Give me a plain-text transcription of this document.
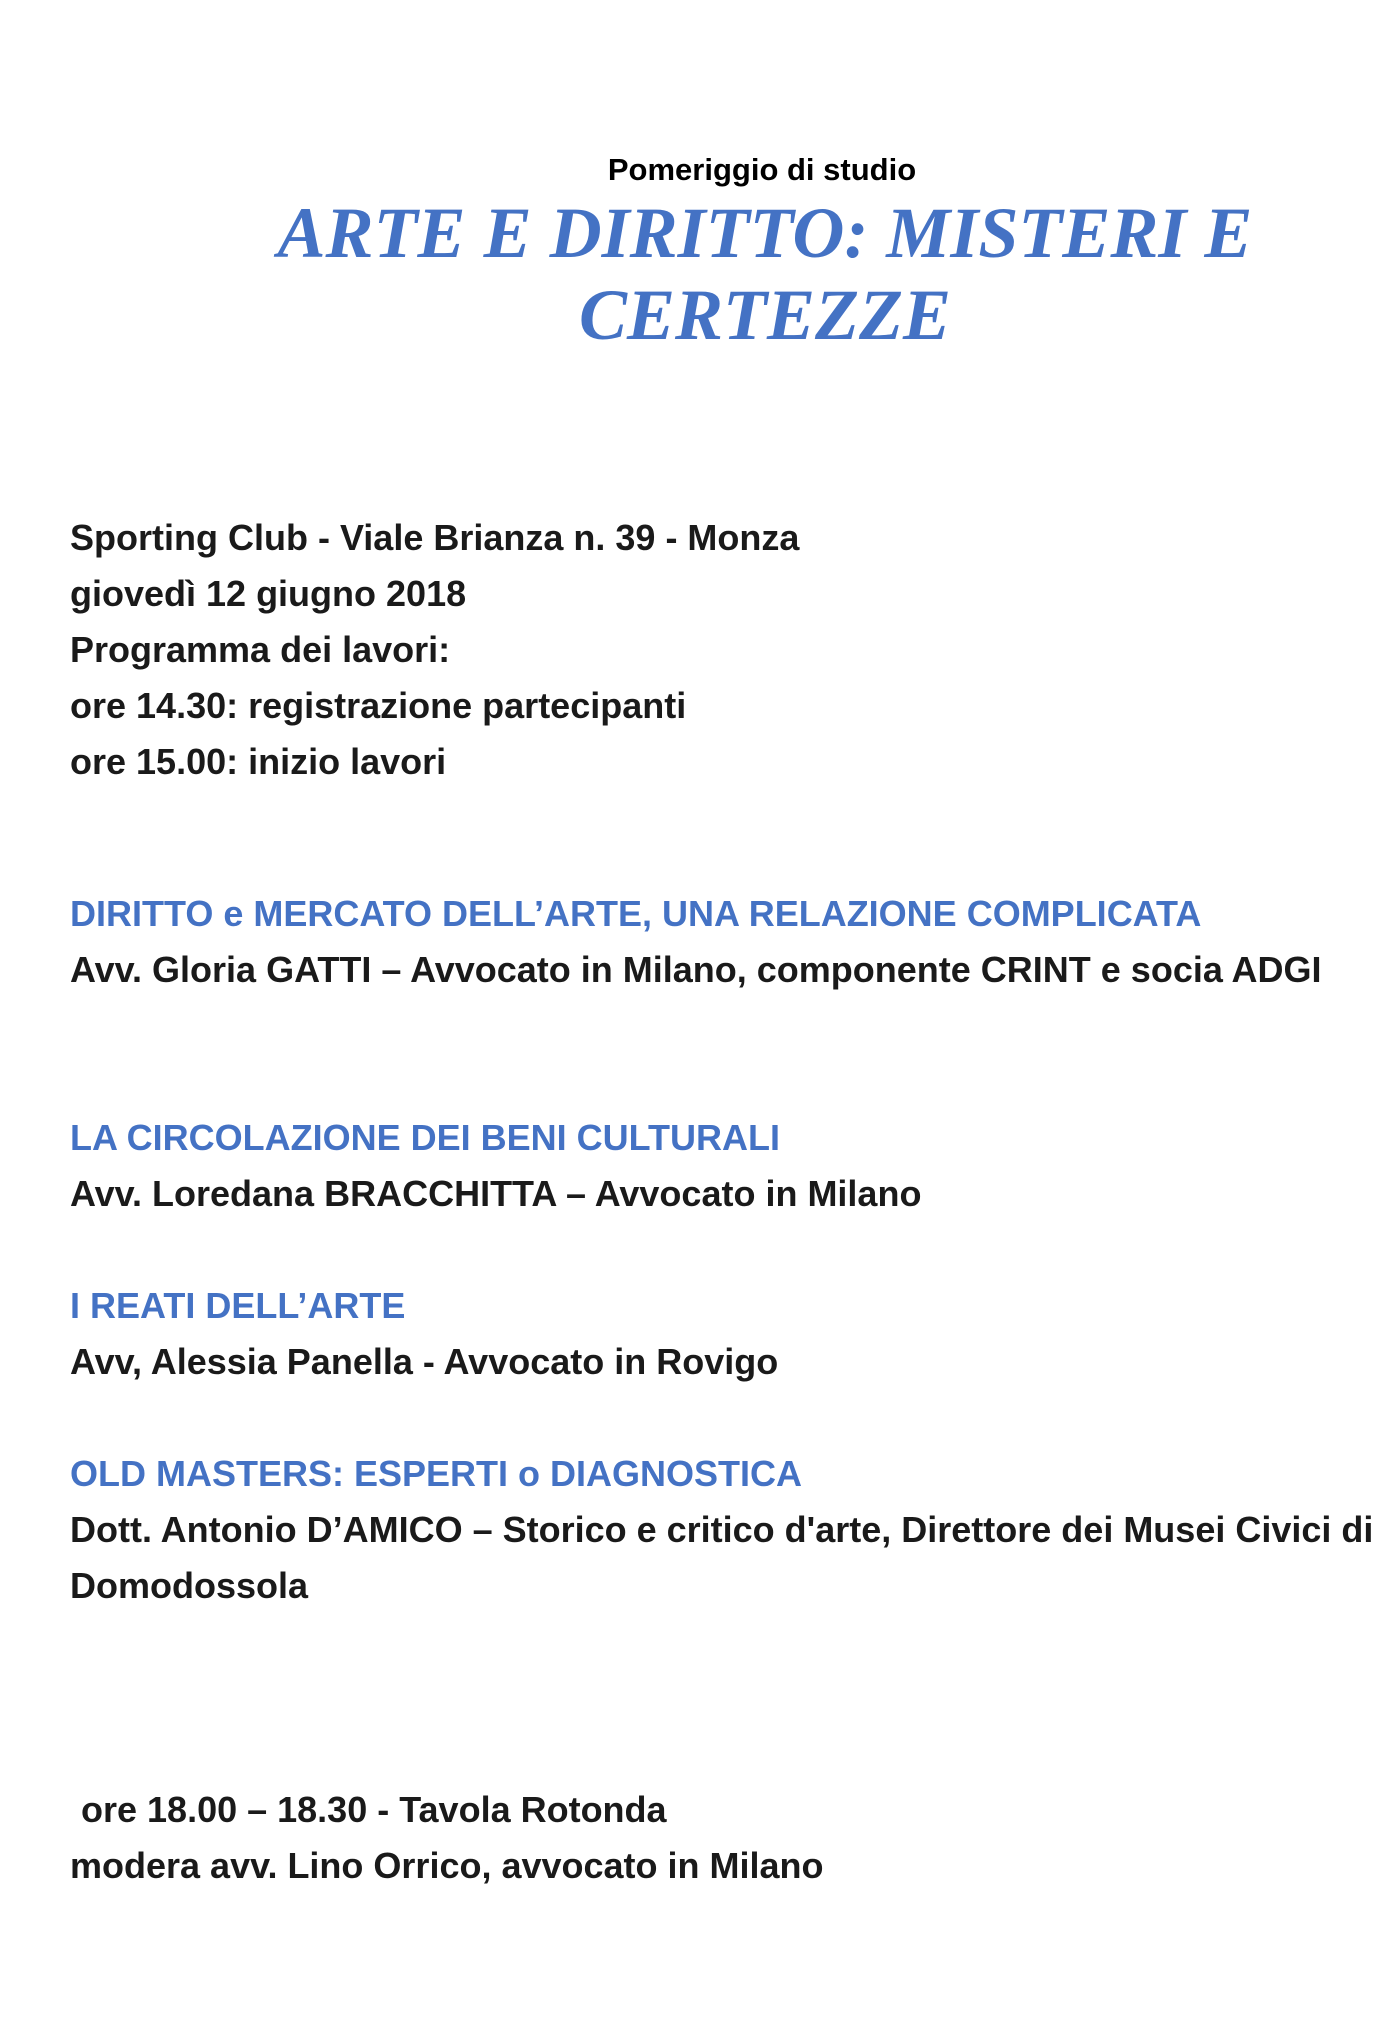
Pomeriggio di studio
ARTE E DIRITTO: MISTERI E CERTEZZE
Sporting Club - Viale Brianza n. 39 - Monza
giovedì 12 giugno 2018
Programma dei lavori:
ore 14.30: registrazione partecipanti
ore 15.00: inizio lavori
DIRITTO e MERCATO DELL’ARTE, UNA RELAZIONE COMPLICATA
Avv. Gloria GATTI – Avvocato in Milano, componente CRINT e socia ADGI
LA CIRCOLAZIONE DEI BENI CULTURALI
Avv. Loredana BRACCHITTA – Avvocato in Milano
I REATI DELL’ARTE
Avv, Alessia Panella - Avvocato in Rovigo
OLD MASTERS: ESPERTI o DIAGNOSTICA
Dott. Antonio D’AMICO – Storico e critico d'arte, Direttore dei Musei Civici di Domodossola
ore 18.00 – 18.30 - Tavola Rotonda
modera avv. Lino Orrico, avvocato in Milano
